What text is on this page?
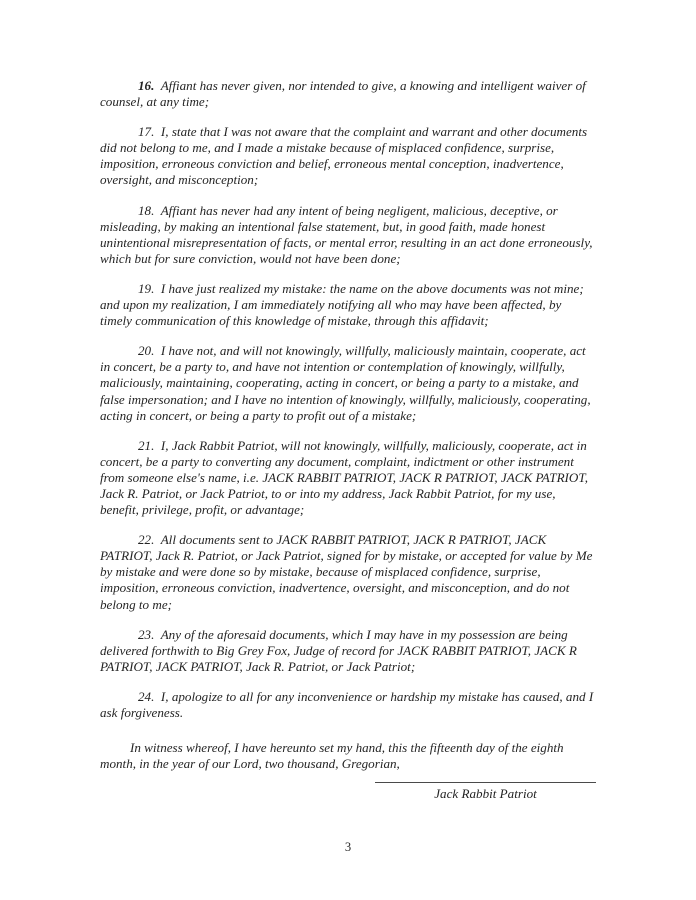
16. Affiant has never given, nor intended to give, a knowing and intelligent waiver of counsel, at any time;

17. I, state that I was not aware that the complaint and warrant and other documents did not belong to me, and I made a mistake because of misplaced confidence, surprise, imposition, erroneous conviction and belief, erroneous mental conception, inadvertence, oversight, and misconception;

18. Affiant has never had any intent of being negligent, malicious, deceptive, or misleading, by making an intentional false statement, but, in good faith, made honest unintentional misrepresentation of facts, or mental error, resulting in an act done erroneously, which but for sure conviction, would not have been done;

19. I have just realized my mistake: the name on the above documents was not mine; and upon my realization, I am immediately notifying all who may have been affected, by timely communication of this knowledge of mistake, through this affidavit;

20. I have not, and will not knowingly, willfully, maliciously maintain, cooperate, act in concert, be a party to, and have not intention or contemplation of knowingly, willfully, maliciously, maintaining, cooperating, acting in concert, or being a party to a mistake, and false impersonation; and I have no intention of knowingly, willfully, maliciously, cooperating, acting in concert, or being a party to profit out of a mistake;

21. I, Jack Rabbit Patriot, will not knowingly, willfully, maliciously, cooperate, act in concert, be a party to converting any document, complaint, indictment or other instrument from someone else's name, i.e. JACK RABBIT PATRIOT, JACK R PATRIOT, JACK PATRIOT, Jack R. Patriot, or Jack Patriot, to or into my address, Jack Rabbit Patriot, for my use, benefit, privilege, profit, or advantage;

22. All documents sent to JACK RABBIT PATRIOT, JACK R PATRIOT, JACK PATRIOT, Jack R. Patriot, or Jack Patriot, signed for by mistake, or accepted for value by Me by mistake and were done so by mistake, because of misplaced confidence, surprise, imposition, erroneous conviction, inadvertence, oversight, and misconception, and do not belong to me;

23. Any of the aforesaid documents, which I may have in my possession are being delivered forthwith to Big Grey Fox, Judge of record for JACK RABBIT PATRIOT, JACK R PATRIOT, JACK PATRIOT, Jack R. Patriot, or Jack Patriot;

24. I, apologize to all for any inconvenience or hardship my mistake has caused, and I ask forgiveness.

In witness whereof, I have hereunto set my hand, this the fifteenth day of the eighth month, in the year of our Lord, two thousand, Gregorian,

Jack Rabbit Patriot
3
